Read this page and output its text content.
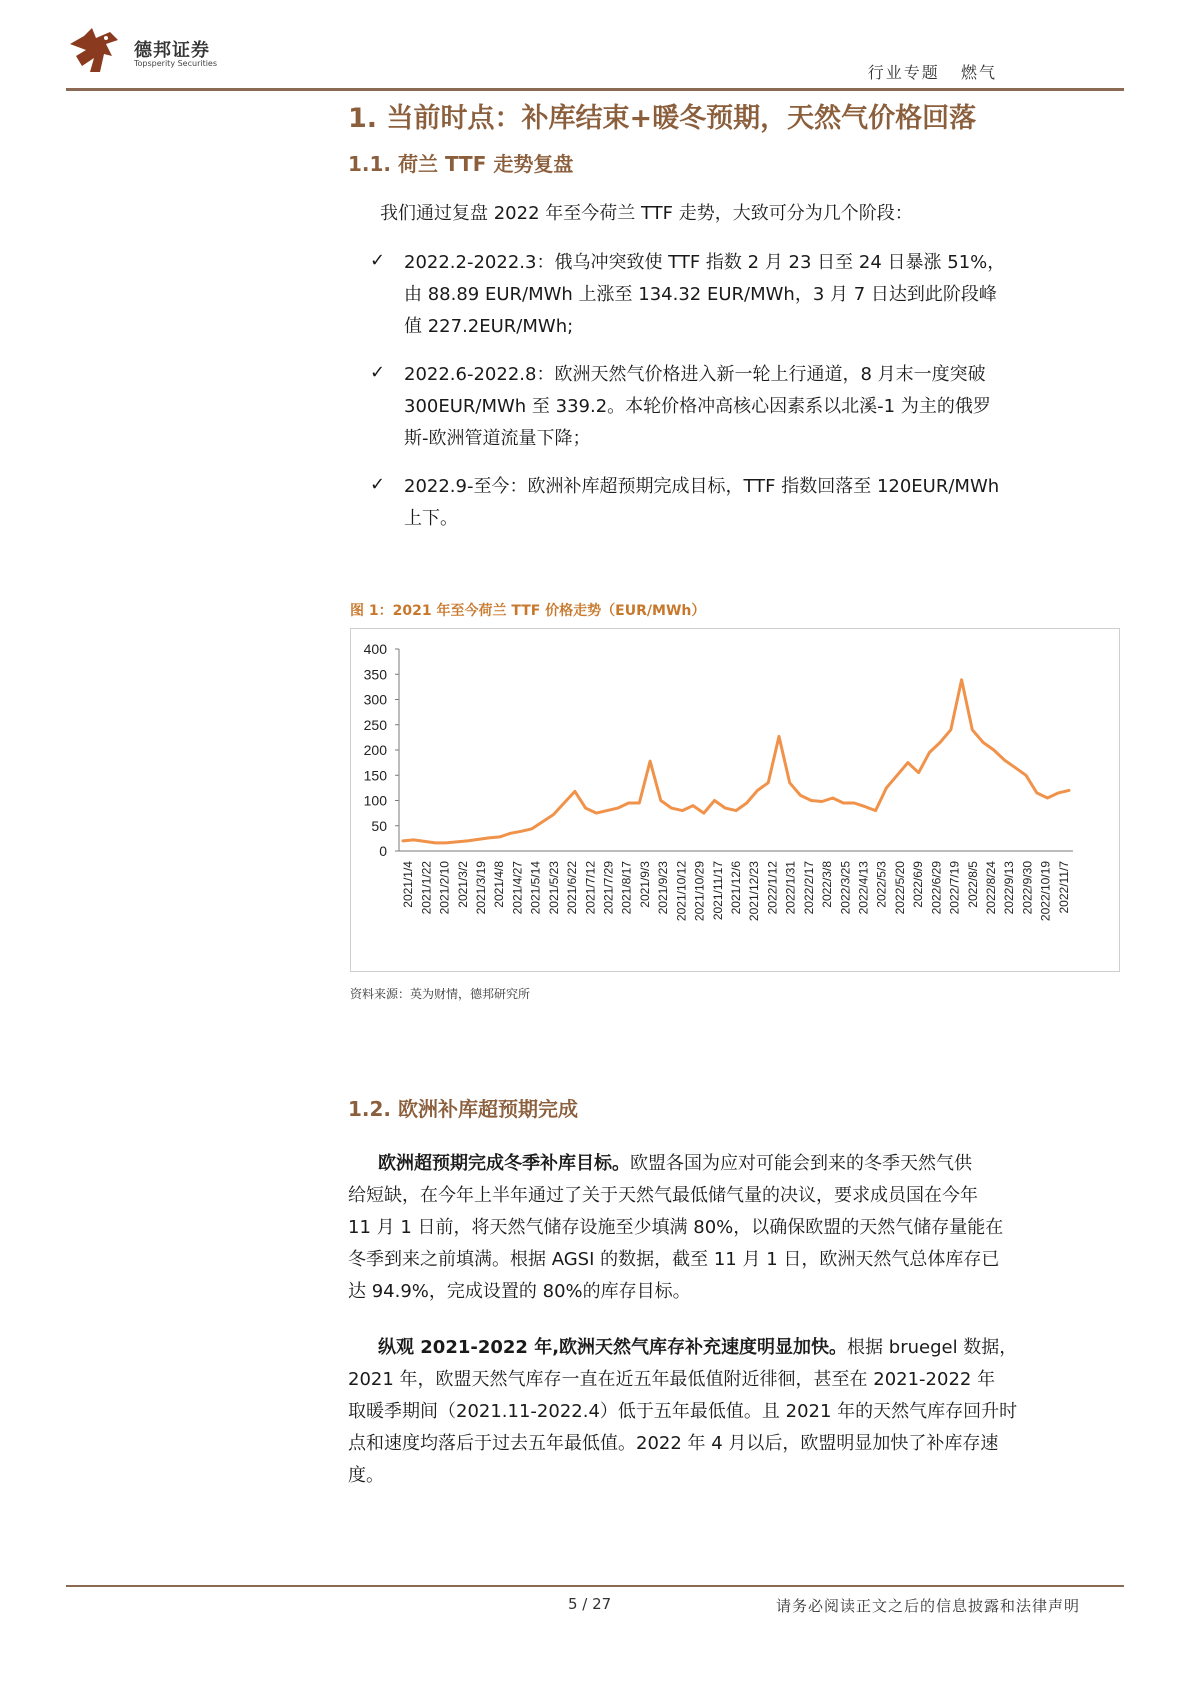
德邦证券
Topsperity Securities	行业专题   燃气
1. 当前时点：补库结束+暖冬预期，天然气价格回落
1.1. 荷兰 TTF 走势复盘
我们通过复盘 2022 年至今荷兰 TTF 走势，大致可分为几个阶段：
✓ 2022.2-2022.3：俄乌冲突致使 TTF 指数 2 月 23 日至 24 日暴涨 51%，
由 88.89 EUR/MWh 上涨至 134.32 EUR/MWh，3 月 7 日达到此阶段峰
值 227.2EUR/MWh;
✓ 2022.6-2022.8：欧洲天然气价格进入新一轮上行通道，8 月末一度突破
300EUR/MWh 至 339.2。本轮价格冲高核心因素系以北溪-1 为主的俄罗
斯-欧洲管道流量下降；
✓ 2022.9-至今：欧洲补库超预期完成目标，TTF 指数回落至 120EUR/MWh
上下。
图 1：2021 年至今荷兰 TTF 价格走势（EUR/MWh）
0
50
100
150
200
250
300
350
400
2021/1/4 2021/1/22 2021/2/10 2021/3/2 2021/3/19 2021/4/8 2021/4/27 2021/5/14 2021/5/23 2021/6/22 2021/7/12 2021/7/29 2021/8/17 2021/9/3 2021/9/23 2021/10/12 2021/10/29 2021/11/17 2021/12/6 2021/12/23 2022/1/12 2022/1/31 2022/2/17 2022/3/8 2022/3/25 2022/4/13 2022/5/3 2022/5/20 2022/6/9 2022/6/29 2022/7/19 2022/8/5 2022/8/24 2022/9/13 2022/9/30 2022/10/19 2022/11/7
资料来源：英为财情，德邦研究所
1.2. 欧洲补库超预期完成
欧洲超预期完成冬季补库目标。欧盟各国为应对可能会到来的冬季天然气供
给短缺，在今年上半年通过了关于天然气最低储气量的决议，要求成员国在今年
11 月 1 日前，将天然气储存设施至少填满 80%，以确保欧盟的天然气储存量能在
冬季到来之前填满。根据 AGSI 的数据，截至 11 月 1 日，欧洲天然气总体库存已
达 94.9%，完成设置的 80%的库存目标。
纵观 2021-2022 年,欧洲天然气库存补充速度明显加快。根据 bruegel 数据，
2021 年，欧盟天然气库存一直在近五年最低值附近徘徊，甚至在 2021-2022 年
取暖季期间（2021.11-2022.4）低于五年最低值。且 2021 年的天然气库存回升时
点和速度均落后于过去五年最低值。2022 年 4 月以后，欧盟明显加快了补库存速
度。
5 / 27	请务必阅读正文之后的信息披露和法律声明
